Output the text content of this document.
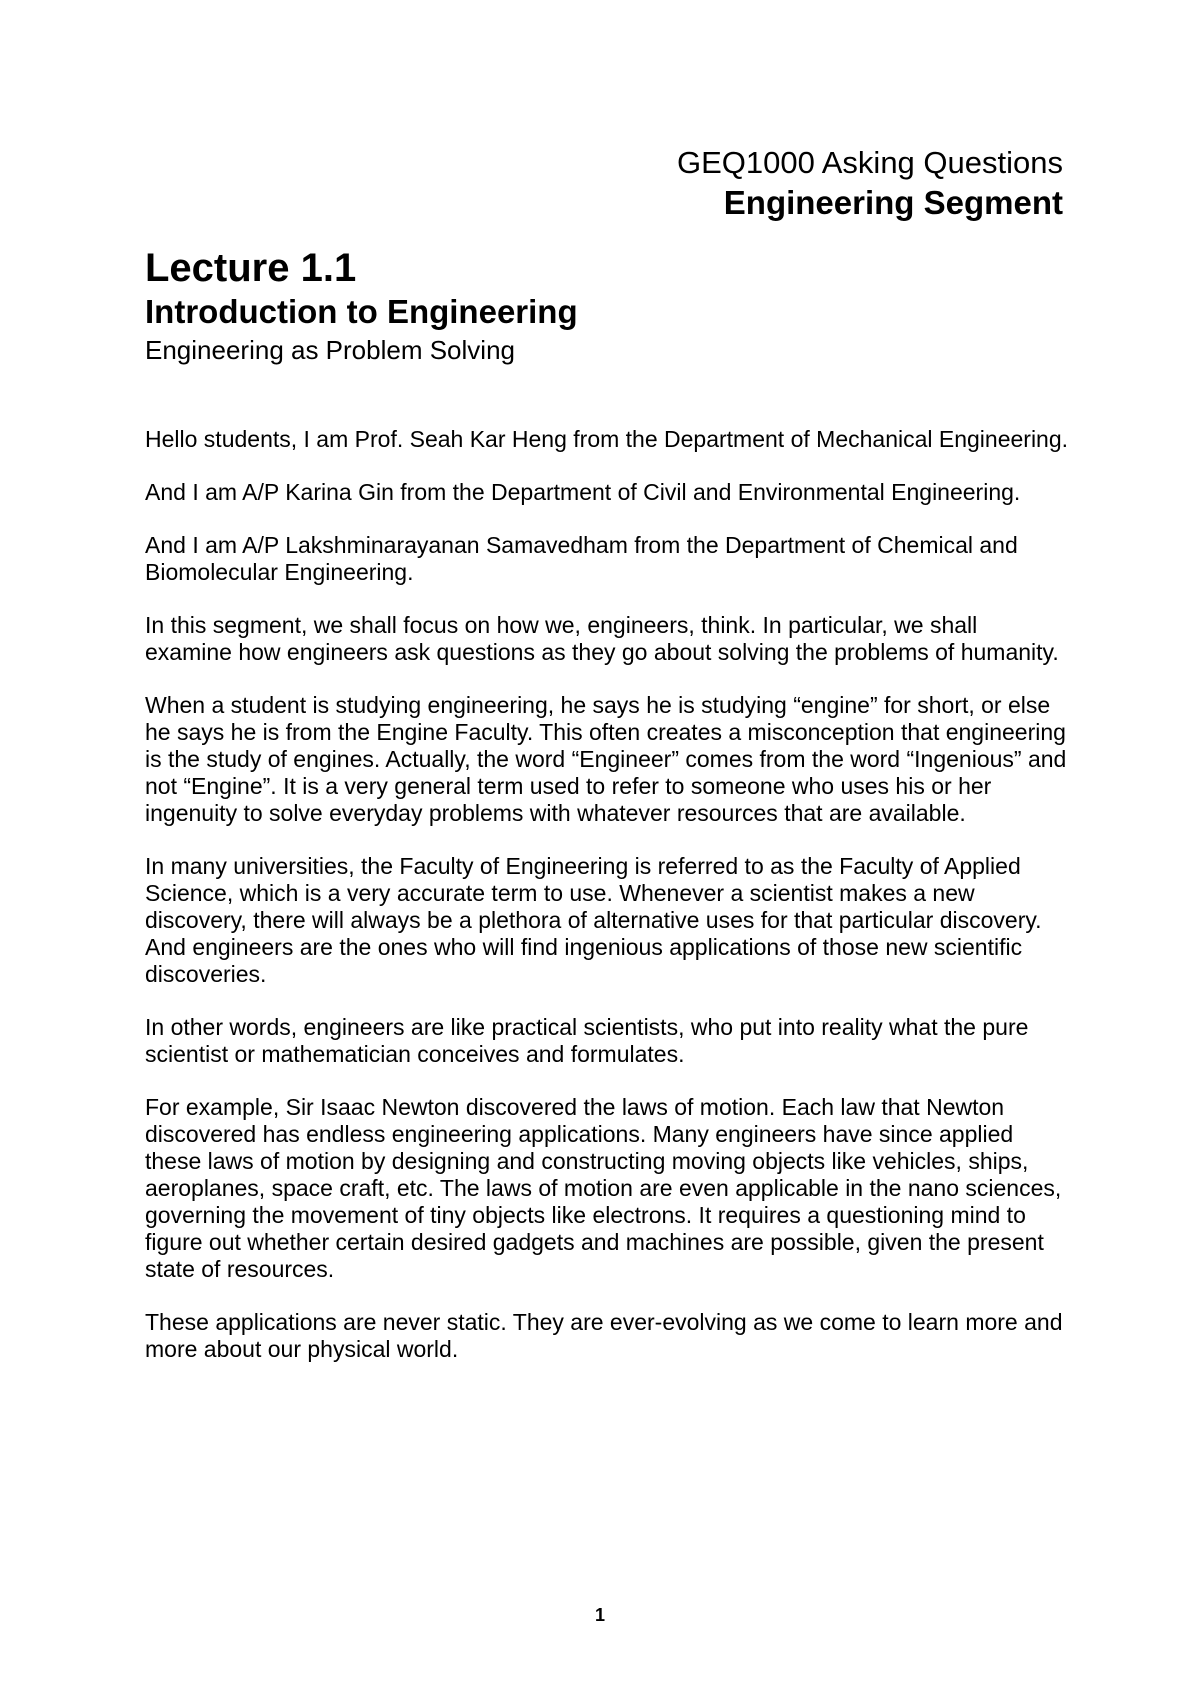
GEQ1000 Asking Questions
Engineering Segment
Lecture 1.1
Introduction to Engineering
Engineering as Problem Solving

Hello students, I am Prof. Seah Kar Heng from the Department of Mechanical Engineering.

And I am A/P Karina Gin from the Department of Civil and Environmental Engineering.

And I am A/P Lakshminarayanan Samavedham from the Department of Chemical and Biomolecular Engineering.

In this segment, we shall focus on how we, engineers, think. In particular, we shall examine how engineers ask questions as they go about solving the problems of humanity.

When a student is studying engineering, he says he is studying “engine” for short, or else he says he is from the Engine Faculty. This often creates a misconception that engineering is the study of engines. Actually, the word “Engineer” comes from the word “Ingenious” and not “Engine”. It is a very general term used to refer to someone who uses his or her ingenuity to solve everyday problems with whatever resources that are available.

In many universities, the Faculty of Engineering is referred to as the Faculty of Applied Science, which is a very accurate term to use. Whenever a scientist makes a new discovery, there will always be a plethora of alternative uses for that particular discovery. And engineers are the ones who will find ingenious applications of those new scientific discoveries.

In other words, engineers are like practical scientists, who put into reality what the pure scientist or mathematician conceives and formulates.

For example, Sir Isaac Newton discovered the laws of motion. Each law that Newton discovered has endless engineering applications. Many engineers have since applied these laws of motion by designing and constructing moving objects like vehicles, ships, aeroplanes, space craft, etc. The laws of motion are even applicable in the nano sciences, governing the movement of tiny objects like electrons. It requires a questioning mind to figure out whether certain desired gadgets and machines are possible, given the present state of resources.

These applications are never static. They are ever-evolving as we come to learn more and more about our physical world.

1
